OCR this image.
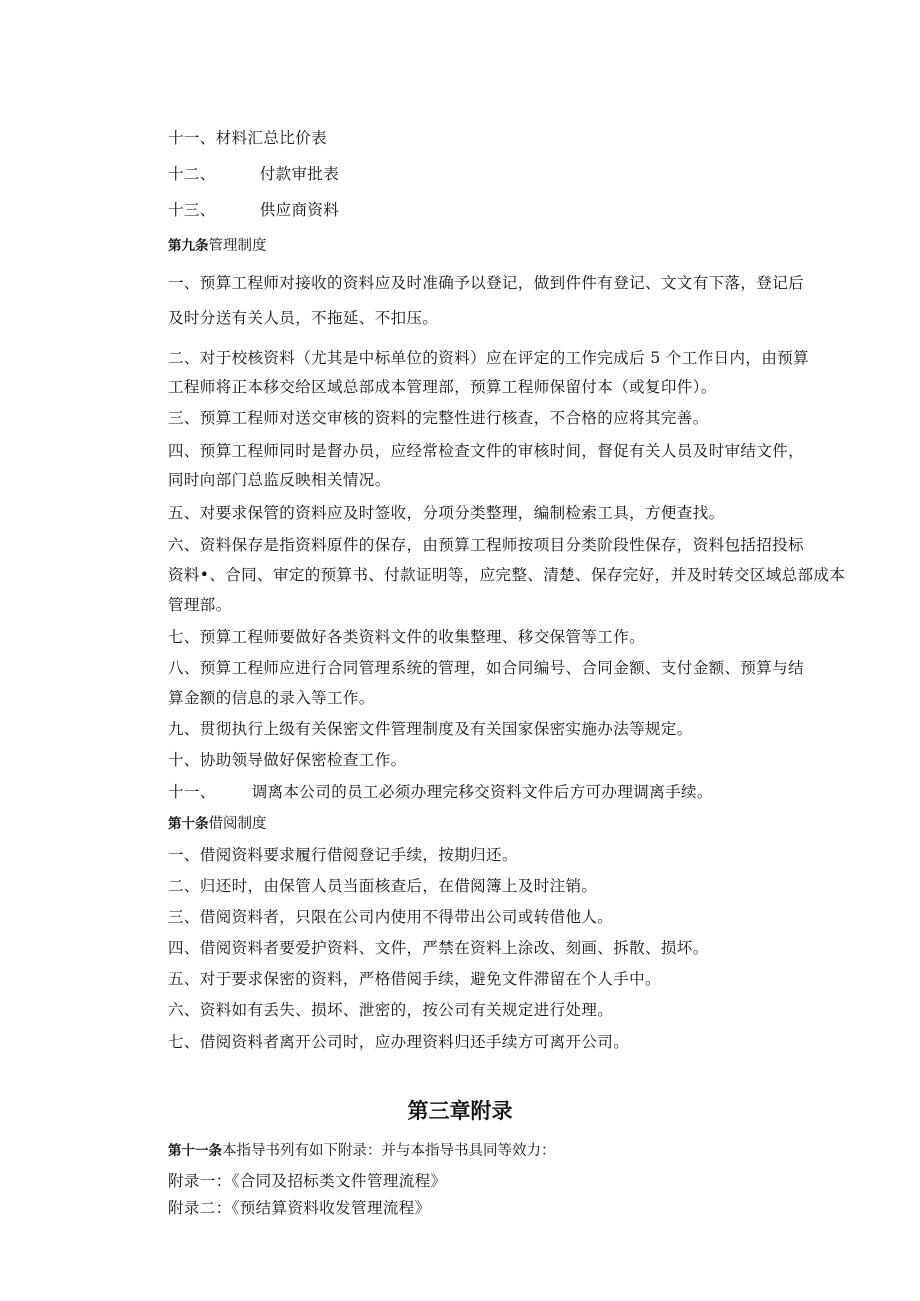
十一、材料汇总比价表
十二、	付款审批表
十三、	供应商资料
第九条管理制度
一、预算工程师对接收的资料应及时准确予以登记，做到件件有登记、文文有下落，登记后
及时分送有关人员，不拖延、不扣压。
二、对于校核资料（尤其是中标单位的资料）应在评定的工作完成后 5 个工作日内，由预算
工程师将正本移交给区域总部成本管理部，预算工程师保留付本（或复印件）。
三、预算工程师对送交审核的资料的完整性进行核查，不合格的应将其完善。
四、预算工程师同时是督办员，应经常检查文件的审核时间，督促有关人员及时审结文件，
同时向部门总监反映相关情况。
五、对要求保管的资料应及时签收，分项分类整理，编制检索工具，方便查找。
六、资料保存是指资料原件的保存，由预算工程师按项目分类阶段性保存，资料包括招投标
资料•、合同、审定的预算书、付款证明等，应完整、清楚、保存完好，并及时转交区域总部成本
管理部。
七、预算工程师要做好各类资料文件的收集整理、移交保管等工作。
八、预算工程师应进行合同管理系统的管理，如合同编号、合同金额、支付金额、预算与结
算金额的信息的录入等工作。
九、贯彻执行上级有关保密文件管理制度及有关国家保密实施办法等规定。
十、协助领导做好保密检查工作。
十一、 调离本公司的员工必须办理完移交资料文件后方可办理调离手续。
第十条借阅制度
一、借阅资料要求履行借阅登记手续，按期归还。
二、归还时，由保管人员当面核查后，在借阅簿上及时注销。
三、借阅资料者，只限在公司内使用不得带出公司或转借他人。
四、借阅资料者要爱护资料、文件，严禁在资料上涂改、刻画、拆散、损坏。
五、对于要求保密的资料，严格借阅手续，避免文件滞留在个人手中。
六、资料如有丢失、损坏、泄密的，按公司有关规定进行处理。
七、借阅资料者离开公司时，应办理资料归还手续方可离开公司。
第三章附录
第十一条本指导书列有如下附录：并与本指导书具同等效力：
附录一：《合同及招标类文件管理流程》
附录二：《预结算资料收发管理流程》
